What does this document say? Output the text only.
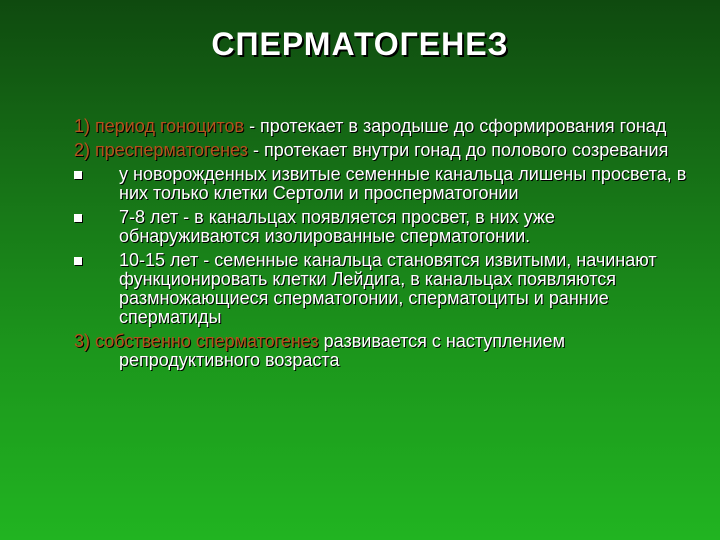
СПЕРМАТОГЕНЕЗ
1) период гоноцитов - протекает в зародыше до сформирования гонад
2) преспермaтогенез - протекает внутри гонад до полового созревания
у новорожденных извитые семенные канальца лишены просвета, в них только клетки Сертоли и проспeрматогонии
7-8 лет - в канальцах появляется просвет, в них уже обнаруживаются изолированные сперматогонии.
10-15 лет - семенные канальца становятся извитыми, начинают функционировать клетки Лейдига, в канальцах появляются размножающиеся сперматогонии, сперматоциты и ранние сперматиды
3) собственно сперматогенез развивается с наступлением репродуктивного возраста
